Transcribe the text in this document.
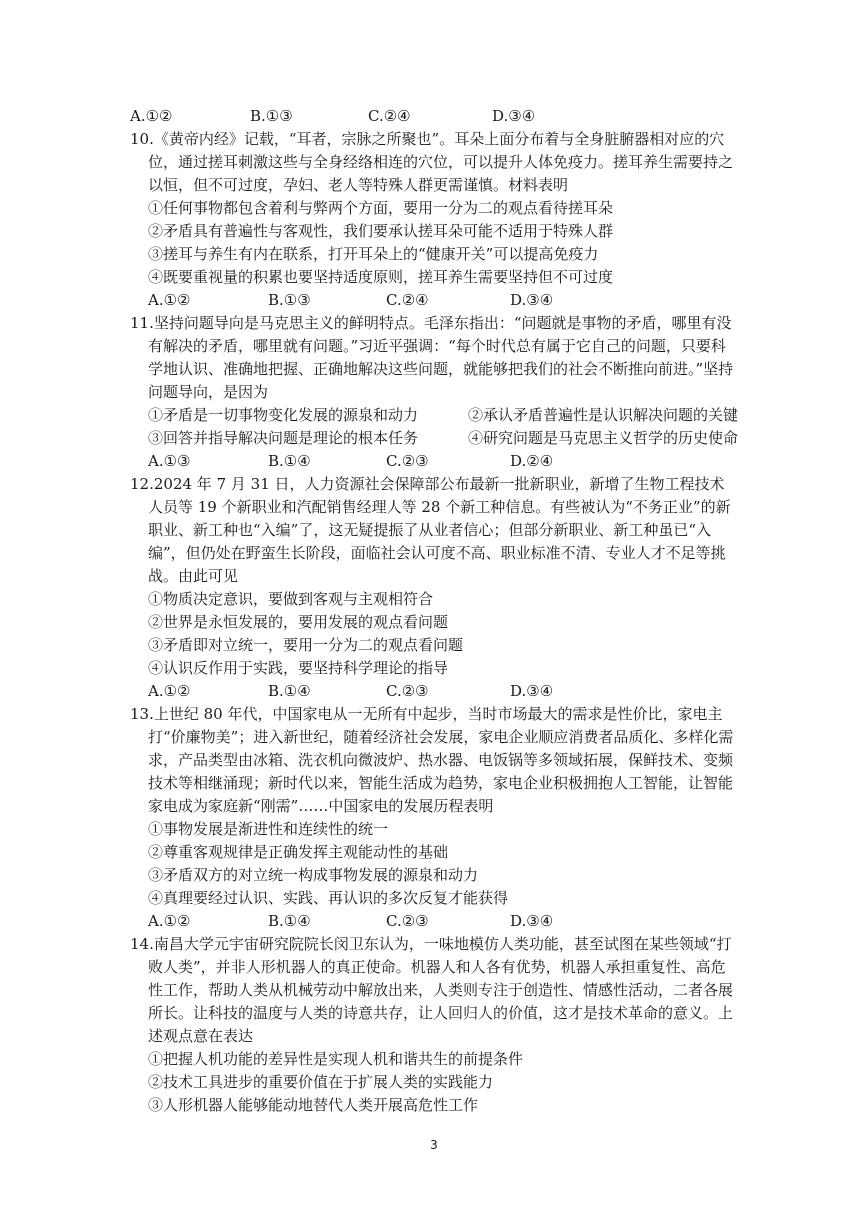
A.①②	B.①③	C.②④	D.③④
10.《黄帝内经》记载，“耳者，宗脉之所聚也”。耳朵上面分布着与全身脏腑器相对应的穴位，通过搓耳刺激这些与全身经络相连的穴位，可以提升人体免疫力。搓耳养生需要持之以恒，但不可过度，孕妇、老人等特殊人群更需谨慎。材料表明
①任何事物都包含着利与弊两个方面，要用一分为二的观点看待搓耳朵
②矛盾具有普遍性与客观性，我们要承认搓耳朵可能不适用于特殊人群
③搓耳与养生有内在联系，打开耳朵上的“健康开关”可以提高免疫力
④既要重视量的积累也要坚持适度原则，搓耳养生需要坚持但不可过度
A.①②	B.①③	C.②④	D.③④
11.坚持问题导向是马克思主义的鲜明特点。毛泽东指出：“问题就是事物的矛盾，哪里有没有解决的矛盾，哪里就有问题。”习近平强调：“每个时代总有属于它自己的问题，只要科学地认识、准确地把握、正确地解决这些问题，就能够把我们的社会不断推向前进。”坚持问题导向，是因为
①矛盾是一切事物变化发展的源泉和动力	②承认矛盾普遍性是认识解决问题的关键
③回答并指导解决问题是理论的根本任务	④研究问题是马克思主义哲学的历史使命
A.①③	B.①④	C.②③	D.②④
12.2024 年 7 月 31 日，人力资源社会保障部公布最新一批新职业，新增了生物工程技术人员等 19 个新职业和汽配销售经理人等 28 个新工种信息。有些被认为“不务正业”的新职业、新工种也“入编”了，这无疑提振了从业者信心；但部分新职业、新工种虽已“入编”，但仍处在野蛮生长阶段，面临社会认可度不高、职业标准不清、专业人才不足等挑战。由此可见
①物质决定意识，要做到客观与主观相符合
②世界是永恒发展的，要用发展的观点看问题
③矛盾即对立统一，要用一分为二的观点看问题
④认识反作用于实践，要坚持科学理论的指导
A.①②	B.①④	C.②③	D.③④
13.上世纪 80 年代，中国家电从一无所有中起步，当时市场最大的需求是性价比，家电主打“价廉物美”；进入新世纪，随着经济社会发展，家电企业顺应消费者品质化、多样化需求，产品类型由冰箱、洗衣机向微波炉、热水器、电饭锅等多领域拓展，保鲜技术、变频技术等相继涌现；新时代以来，智能生活成为趋势，家电企业积极拥抱人工智能，让智能家电成为家庭新“刚需”……中国家电的发展历程表明
①事物发展是渐进性和连续性的统一
②尊重客观规律是正确发挥主观能动性的基础
③矛盾双方的对立统一构成事物发展的源泉和动力
④真理要经过认识、实践、再认识的多次反复才能获得
A.①②	B.①④	C.②③	D.③④
14.南昌大学元宇宙研究院院长闵卫东认为，一味地模仿人类功能，甚至试图在某些领域“打败人类”，并非人形机器人的真正使命。机器人和人各有优势，机器人承担重复性、高危性工作，帮助人类从机械劳动中解放出来，人类则专注于创造性、情感性活动，二者各展所长。让科技的温度与人类的诗意共存，让人回归人的价值，这才是技术革命的意义。上述观点意在表达
①把握人机功能的差异性是实现人机和谐共生的前提条件
②技术工具进步的重要价值在于扩展人类的实践能力
③人形机器人能够能动地替代人类开展高危性工作
3
